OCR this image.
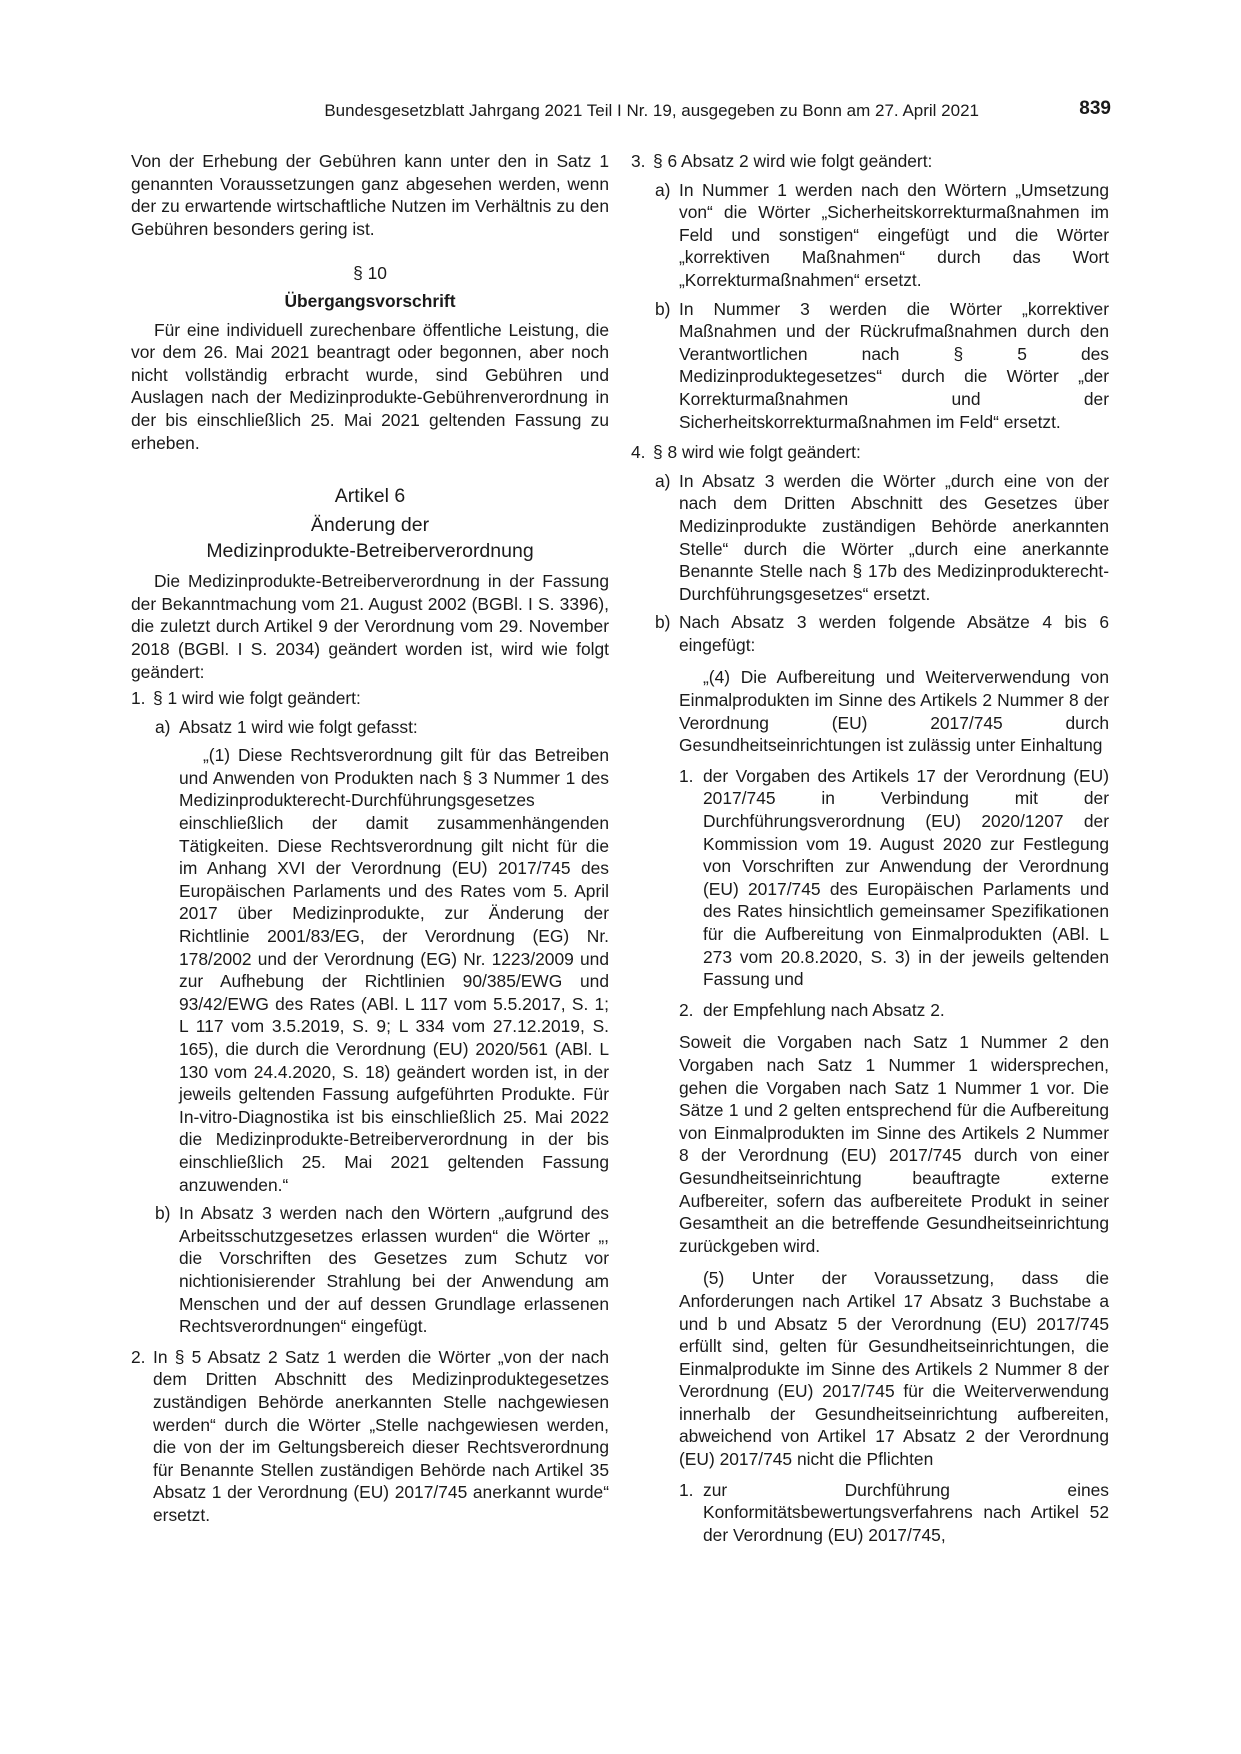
Bundesgesetzblatt Jahrgang 2021 Teil I Nr. 19, ausgegeben zu Bonn am 27. April 2021	839

Von der Erhebung der Gebühren kann unter den in Satz 1 genannten Voraussetzungen ganz abgesehen werden, wenn der zu erwartende wirtschaftliche Nutzen im Verhältnis zu den Gebühren besonders gering ist.

§ 10

Übergangsvorschrift

Für eine individuell zurechenbare öffentliche Leistung, die vor dem 26. Mai 2021 beantragt oder begonnen, aber noch nicht vollständig erbracht wurde, sind Gebühren und Auslagen nach der Medizinprodukte-Gebührenverordnung in der bis einschließlich 25. Mai 2021 geltenden Fassung zu erheben.

Artikel 6

Änderung der

Medizinprodukte-Betreiberverordnung

Die Medizinprodukte-Betreiberverordnung in der Fassung der Bekanntmachung vom 21. August 2002 (BGBl. I S. 3396), die zuletzt durch Artikel 9 der Verordnung vom 29. November 2018 (BGBl. I S. 2034) geändert worden ist, wird wie folgt geändert:

1. § 1 wird wie folgt geändert:

a) Absatz 1 wird wie folgt gefasst:

„(1) Diese Rechtsverordnung gilt für das Betreiben und Anwenden von Produkten nach § 3 Nummer 1 des Medizinprodukterecht-Durchführungsgesetzes einschließlich der damit zusammenhängenden Tätigkeiten. Diese Rechtsverordnung gilt nicht für die im Anhang XVI der Verordnung (EU) 2017/745 des Europäischen Parlaments und des Rates vom 5. April 2017 über Medizinprodukte, zur Änderung der Richtlinie 2001/83/EG, der Verordnung (EG) Nr. 178/2002 und der Verordnung (EG) Nr. 1223/2009 und zur Aufhebung der Richtlinien 90/385/EWG und 93/42/EWG des Rates (ABl. L 117 vom 5.5.2017, S. 1; L 117 vom 3.5.2019, S. 9; L 334 vom 27.12.2019, S. 165), die durch die Verordnung (EU) 2020/561 (ABl. L 130 vom 24.4.2020, S. 18) geändert worden ist, in der jeweils geltenden Fassung aufgeführten Produkte. Für In-vitro-Diagnostika ist bis einschließlich 25. Mai 2022 die Medizinprodukte-Betreiberverordnung in der bis einschließlich 25. Mai 2021 geltenden Fassung anzuwenden.“

b) In Absatz 3 werden nach den Wörtern „aufgrund des Arbeitsschutzgesetzes erlassen wurden“ die Wörter „, die Vorschriften des Gesetzes zum Schutz vor nichtionisierender Strahlung bei der Anwendung am Menschen und der auf dessen Grundlage erlassenen Rechtsverordnungen“ eingefügt.

2. In § 5 Absatz 2 Satz 1 werden die Wörter „von der nach dem Dritten Abschnitt des Medizinproduktegesetzes zuständigen Behörde anerkannten Stelle nachgewiesen werden“ durch die Wörter „Stelle nachgewiesen werden, die von der im Geltungsbereich dieser Rechtsverordnung für Benannte Stellen zuständigen Behörde nach Artikel 35 Absatz 1 der Verordnung (EU) 2017/745 anerkannt wurde“ ersetzt.

3. § 6 Absatz 2 wird wie folgt geändert:

a) In Nummer 1 werden nach den Wörtern „Umsetzung von“ die Wörter „Sicherheitskorrekturmaßnahmen im Feld und sonstigen“ eingefügt und die Wörter „korrektiven Maßnahmen“ durch das Wort „Korrekturmaßnahmen“ ersetzt.

b) In Nummer 3 werden die Wörter „korrektiver Maßnahmen und der Rückrufmaßnahmen durch den Verantwortlichen nach § 5 des Medizinproduktegesetzes“ durch die Wörter „der Korrekturmaßnahmen und der Sicherheitskorrekturmaßnahmen im Feld“ ersetzt.

4. § 8 wird wie folgt geändert:

a) In Absatz 3 werden die Wörter „durch eine von der nach dem Dritten Abschnitt des Gesetzes über Medizinprodukte zuständigen Behörde anerkannten Stelle“ durch die Wörter „durch eine anerkannte Benannte Stelle nach § 17b des Medizinprodukterecht-Durchführungsgesetzes“ ersetzt.

b) Nach Absatz 3 werden folgende Absätze 4 bis 6 eingefügt:

„(4) Die Aufbereitung und Weiterverwendung von Einmalprodukten im Sinne des Artikels 2 Nummer 8 der Verordnung (EU) 2017/745 durch Gesundheitseinrichtungen ist zulässig unter Einhaltung

1. der Vorgaben des Artikels 17 der Verordnung (EU) 2017/745 in Verbindung mit der Durchführungsverordnung (EU) 2020/1207 der Kommission vom 19. August 2020 zur Festlegung von Vorschriften zur Anwendung der Verordnung (EU) 2017/745 des Europäischen Parlaments und des Rates hinsichtlich gemeinsamer Spezifikationen für die Aufbereitung von Einmalprodukten (ABl. L 273 vom 20.8.2020, S. 3) in der jeweils geltenden Fassung und

2. der Empfehlung nach Absatz 2.

Soweit die Vorgaben nach Satz 1 Nummer 2 den Vorgaben nach Satz 1 Nummer 1 widersprechen, gehen die Vorgaben nach Satz 1 Nummer 1 vor. Die Sätze 1 und 2 gelten entsprechend für die Aufbereitung von Einmalprodukten im Sinne des Artikels 2 Nummer 8 der Verordnung (EU) 2017/745 durch von einer Gesundheitseinrichtung beauftragte externe Aufbereiter, sofern das aufbereitete Produkt in seiner Gesamtheit an die betreffende Gesundheitseinrichtung zurückgeben wird.

(5) Unter der Voraussetzung, dass die Anforderungen nach Artikel 17 Absatz 3 Buchstabe a und b und Absatz 5 der Verordnung (EU) 2017/745 erfüllt sind, gelten für Gesundheitseinrichtungen, die Einmalprodukte im Sinne des Artikels 2 Nummer 8 der Verordnung (EU) 2017/745 für die Weiterverwendung innerhalb der Gesundheitseinrichtung aufbereiten, abweichend von Artikel 17 Absatz 2 der Verordnung (EU) 2017/745 nicht die Pflichten

1. zur Durchführung eines Konformitätsbewertungsverfahrens nach Artikel 52 der Verordnung (EU) 2017/745,
